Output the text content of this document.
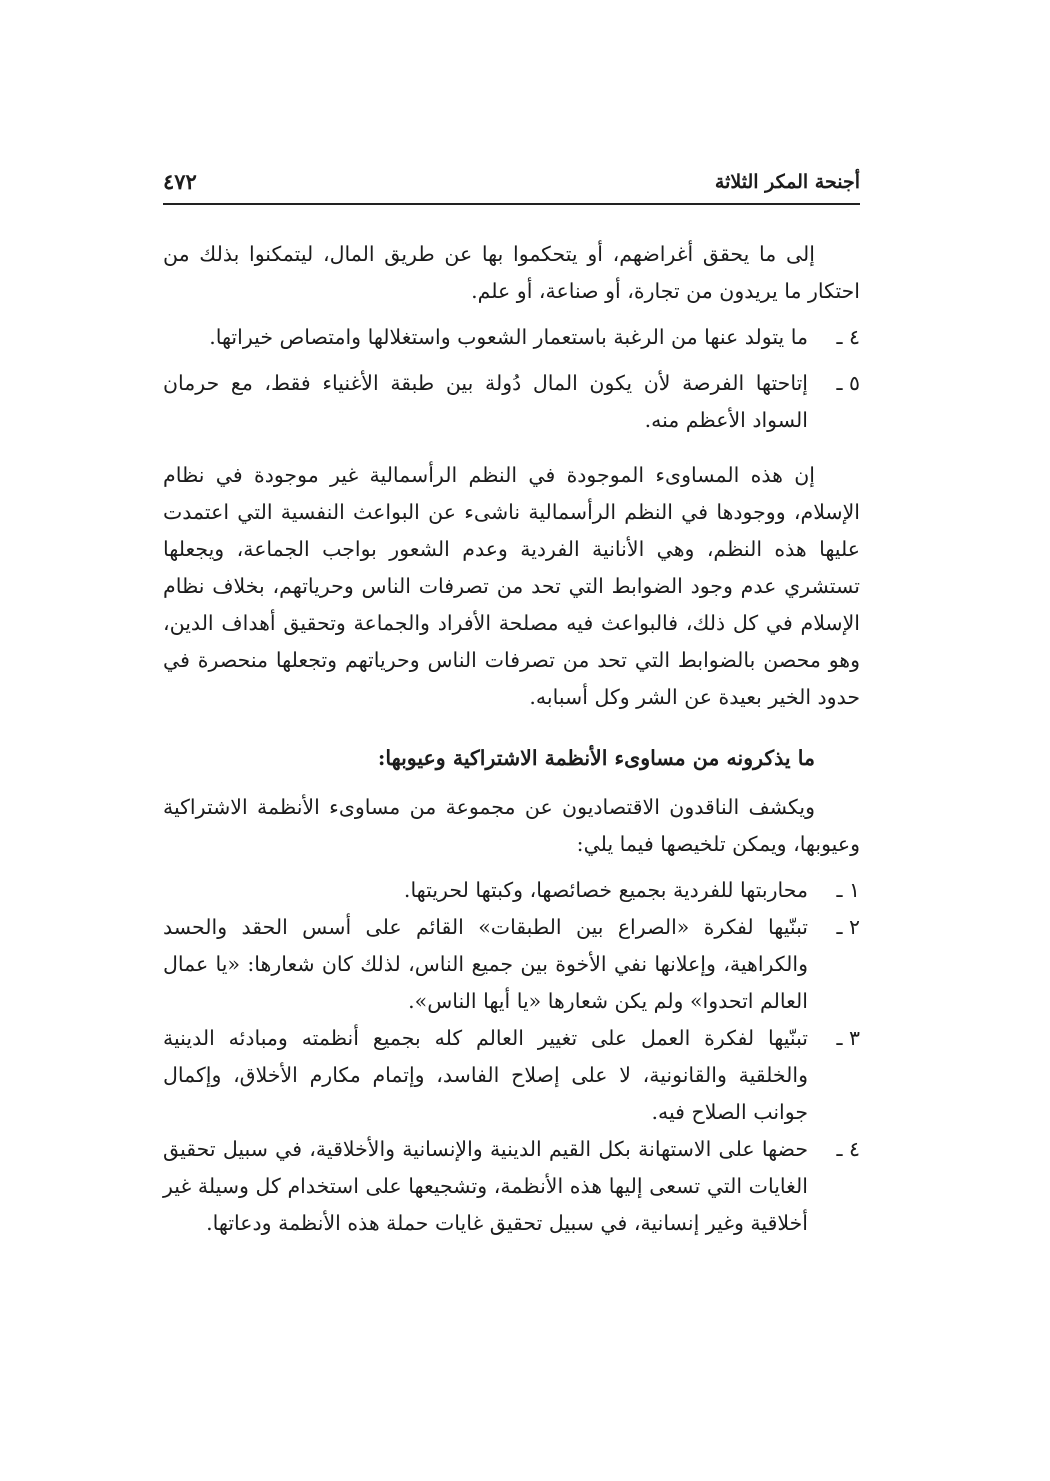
أجنحة المكر الثلاثة
٤٧٢

إلى ما يحقق أغراضهم، أو يتحكموا بها عن طريق المال، ليتمكنوا بذلك من احتكار ما يريدون من تجارة، أو صناعة، أو علم.

٤ ـ
ما يتولد عنها من الرغبة باستعمار الشعوب واستغلالها وامتصاص خيراتها.
٥ ـ
إتاحتها الفرصة لأن يكون المال دُولة بين طبقة الأغنياء فقط، مع حرمان السواد الأعظم منه.

إن هذه المساوىء الموجودة في النظم الرأسمالية غير موجودة في نظام الإسلام، ووجودها في النظم الرأسمالية ناشىء عن البواعث النفسية التي اعتمدت عليها هذه النظم، وهي الأنانية الفردية وعدم الشعور بواجب الجماعة، ويجعلها تستشري عدم وجود الضوابط التي تحد من تصرفات الناس وحرياتهم، بخلاف نظام الإسلام في كل ذلك، فالبواعث فيه مصلحة الأفراد والجماعة وتحقيق أهداف الدين، وهو محصن بالضوابط التي تحد من تصرفات الناس وحرياتهم وتجعلها منحصرة في حدود الخير بعيدة عن الشر وكل أسبابه.

ما يذكرونه من مساوىء الأنظمة الاشتراكية وعيوبها:

ويكشف الناقدون الاقتصاديون عن مجموعة من مساوىء الأنظمة الاشتراكية وعيوبها، ويمكن تلخيصها فيما يلي:

١ ـ
محاربتها للفردية بجميع خصائصها، وكبتها لحريتها.
٢ ـ
تبنّيها لفكرة «الصراع بين الطبقات» القائم على أسس الحقد والحسد والكراهية، وإعلانها نفي الأخوة بين جميع الناس، لذلك كان شعارها: «يا عمال العالم اتحدوا» ولم يكن شعارها «يا أيها الناس».
٣ ـ
تبنّيها لفكرة العمل على تغيير العالم كله بجميع أنظمته ومبادئه الدينية والخلقية والقانونية، لا على إصلاح الفاسد، وإتمام مكارم الأخلاق، وإكمال جوانب الصلاح فيه.
٤ ـ
حضها على الاستهانة بكل القيم الدينية والإنسانية والأخلاقية، في سبيل تحقيق الغايات التي تسعى إليها هذه الأنظمة، وتشجيعها على استخدام كل وسيلة غير أخلاقية وغير إنسانية، في سبيل تحقيق غايات حملة هذه الأنظمة ودعاتها.
